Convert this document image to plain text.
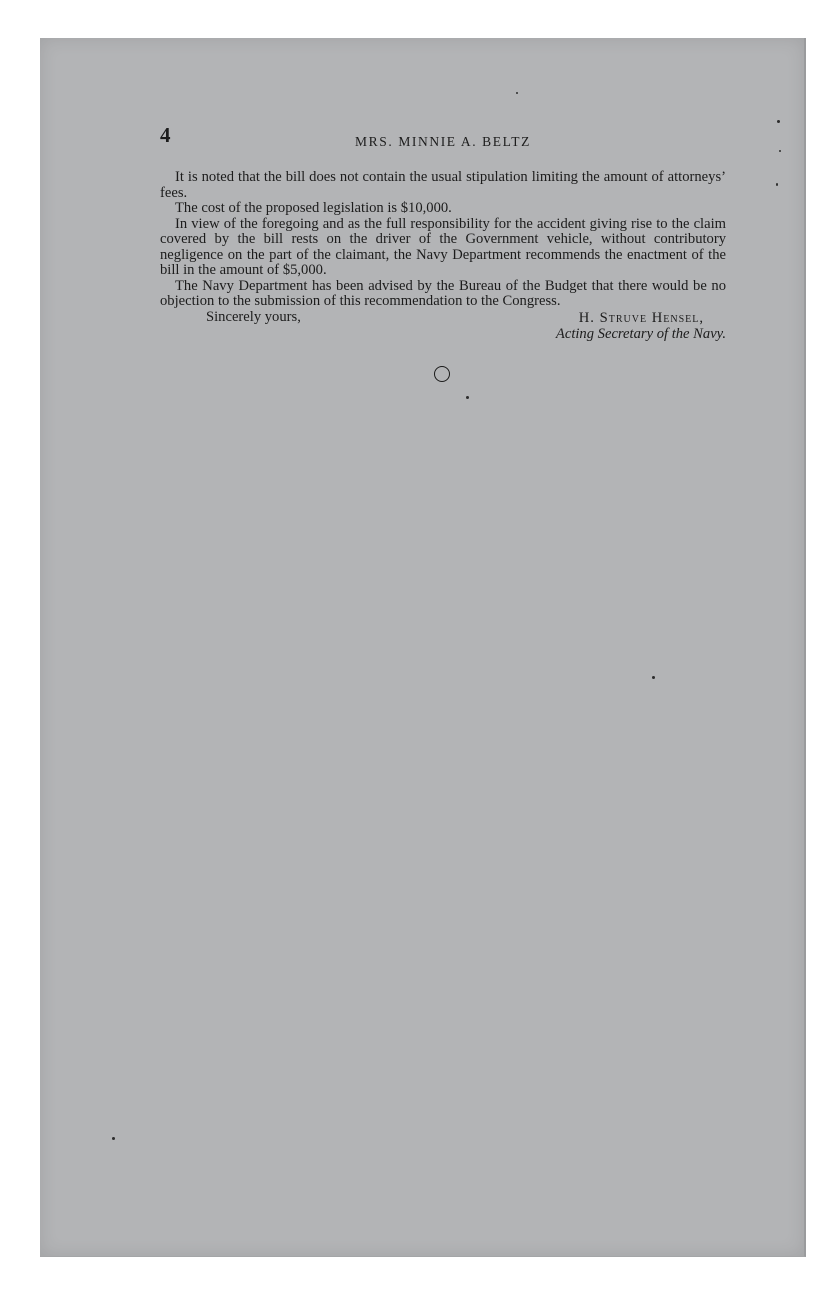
4	MRS. MINNIE A. BELTZ

It is noted that the bill does not contain the usual stipulation limiting the amount of attorneys’ fees.

The cost of the proposed legislation is $10,000.

In view of the foregoing and as the full responsibility for the accident giving rise to the claim covered by the bill rests on the driver of the Government vehicle, without contributory negligence on the part of the claimant, the Navy Department recommends the enactment of the bill in the amount of $5,000.

The Navy Department has been advised by the Bureau of the Budget that there would be no objection to the submission of this recommendation to the Congress.

Sincerely yours,	H. Struve Hensel,
Acting Secretary of the Navy.
